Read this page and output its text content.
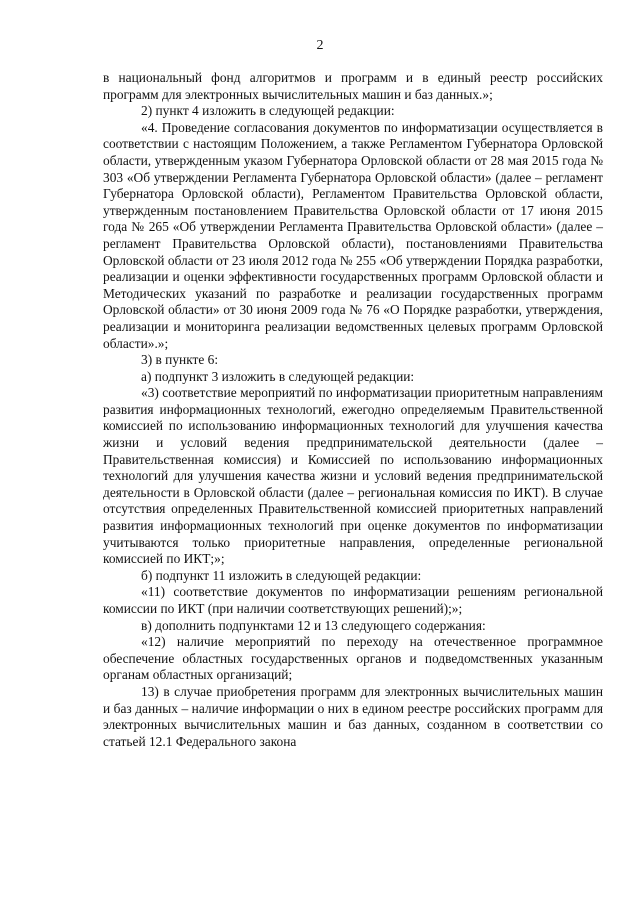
2

в национальный фонд алгоритмов и программ и в единый реестр российских программ для электронных вычислительных машин и баз данных.»;

2) пункт 4 изложить в следующей редакции:

«4. Проведение согласования документов по информатизации осуществляется в соответствии с настоящим Положением, а также Регламентом Губернатора Орловской области, утвержденным указом Губернатора Орловской области от 28 мая 2015 года № 303 «Об утверждении Регламента Губернатора Орловской области» (далее – регламент Губернатора Орловской области), Регламентом Правительства Орловской области, утвержденным постановлением Правительства Орловской области от 17 июня 2015 года № 265 «Об утверждении Регламента Правительства Орловской области» (далее – регламент Правительства Орловской области), постановлениями Правительства Орловской области от 23 июля 2012 года № 255 «Об утверждении Порядка разработки, реализации и оценки эффективности государственных программ Орловской области и Методических указаний по разработке и реализации государственных программ Орловской области» от 30 июня 2009 года № 76 «О Порядке разработки, утверждения, реализации и мониторинга реализации ведомственных целевых программ Орловской области».»;

3) в пункте 6:

а) подпункт 3 изложить в следующей редакции:

«3) соответствие мероприятий по информатизации приоритетным направлениям развития информационных технологий, ежегодно определяемым Правительственной комиссией по использованию информационных технологий для улучшения качества жизни и условий ведения предпринимательской деятельности (далее – Правительственная комиссия) и Комиссией по использованию информационных технологий для улучшения качества жизни и условий ведения предпринимательской деятельности в Орловской области (далее – региональная комиссия по ИКТ). В случае отсутствия определенных Правительственной комиссией приоритетных направлений развития информационных технологий при оценке документов по информатизации учитываются только приоритетные направления, определенные региональной комиссией по ИКТ;»;

б) подпункт 11 изложить в следующей редакции:

«11) соответствие документов по информатизации решениям региональной комиссии по ИКТ (при наличии соответствующих решений);»;

в) дополнить подпунктами 12 и 13 следующего содержания:

«12) наличие мероприятий по переходу на отечественное программное обеспечение областных государственных органов и подведомственных указанным органам областных организаций;

13) в случае приобретения программ для электронных вычислительных машин и баз данных – наличие информации о них в едином реестре российских программ для электронных вычислительных машин и баз данных, созданном в соответствии со статьей 12.1 Федерального закона
